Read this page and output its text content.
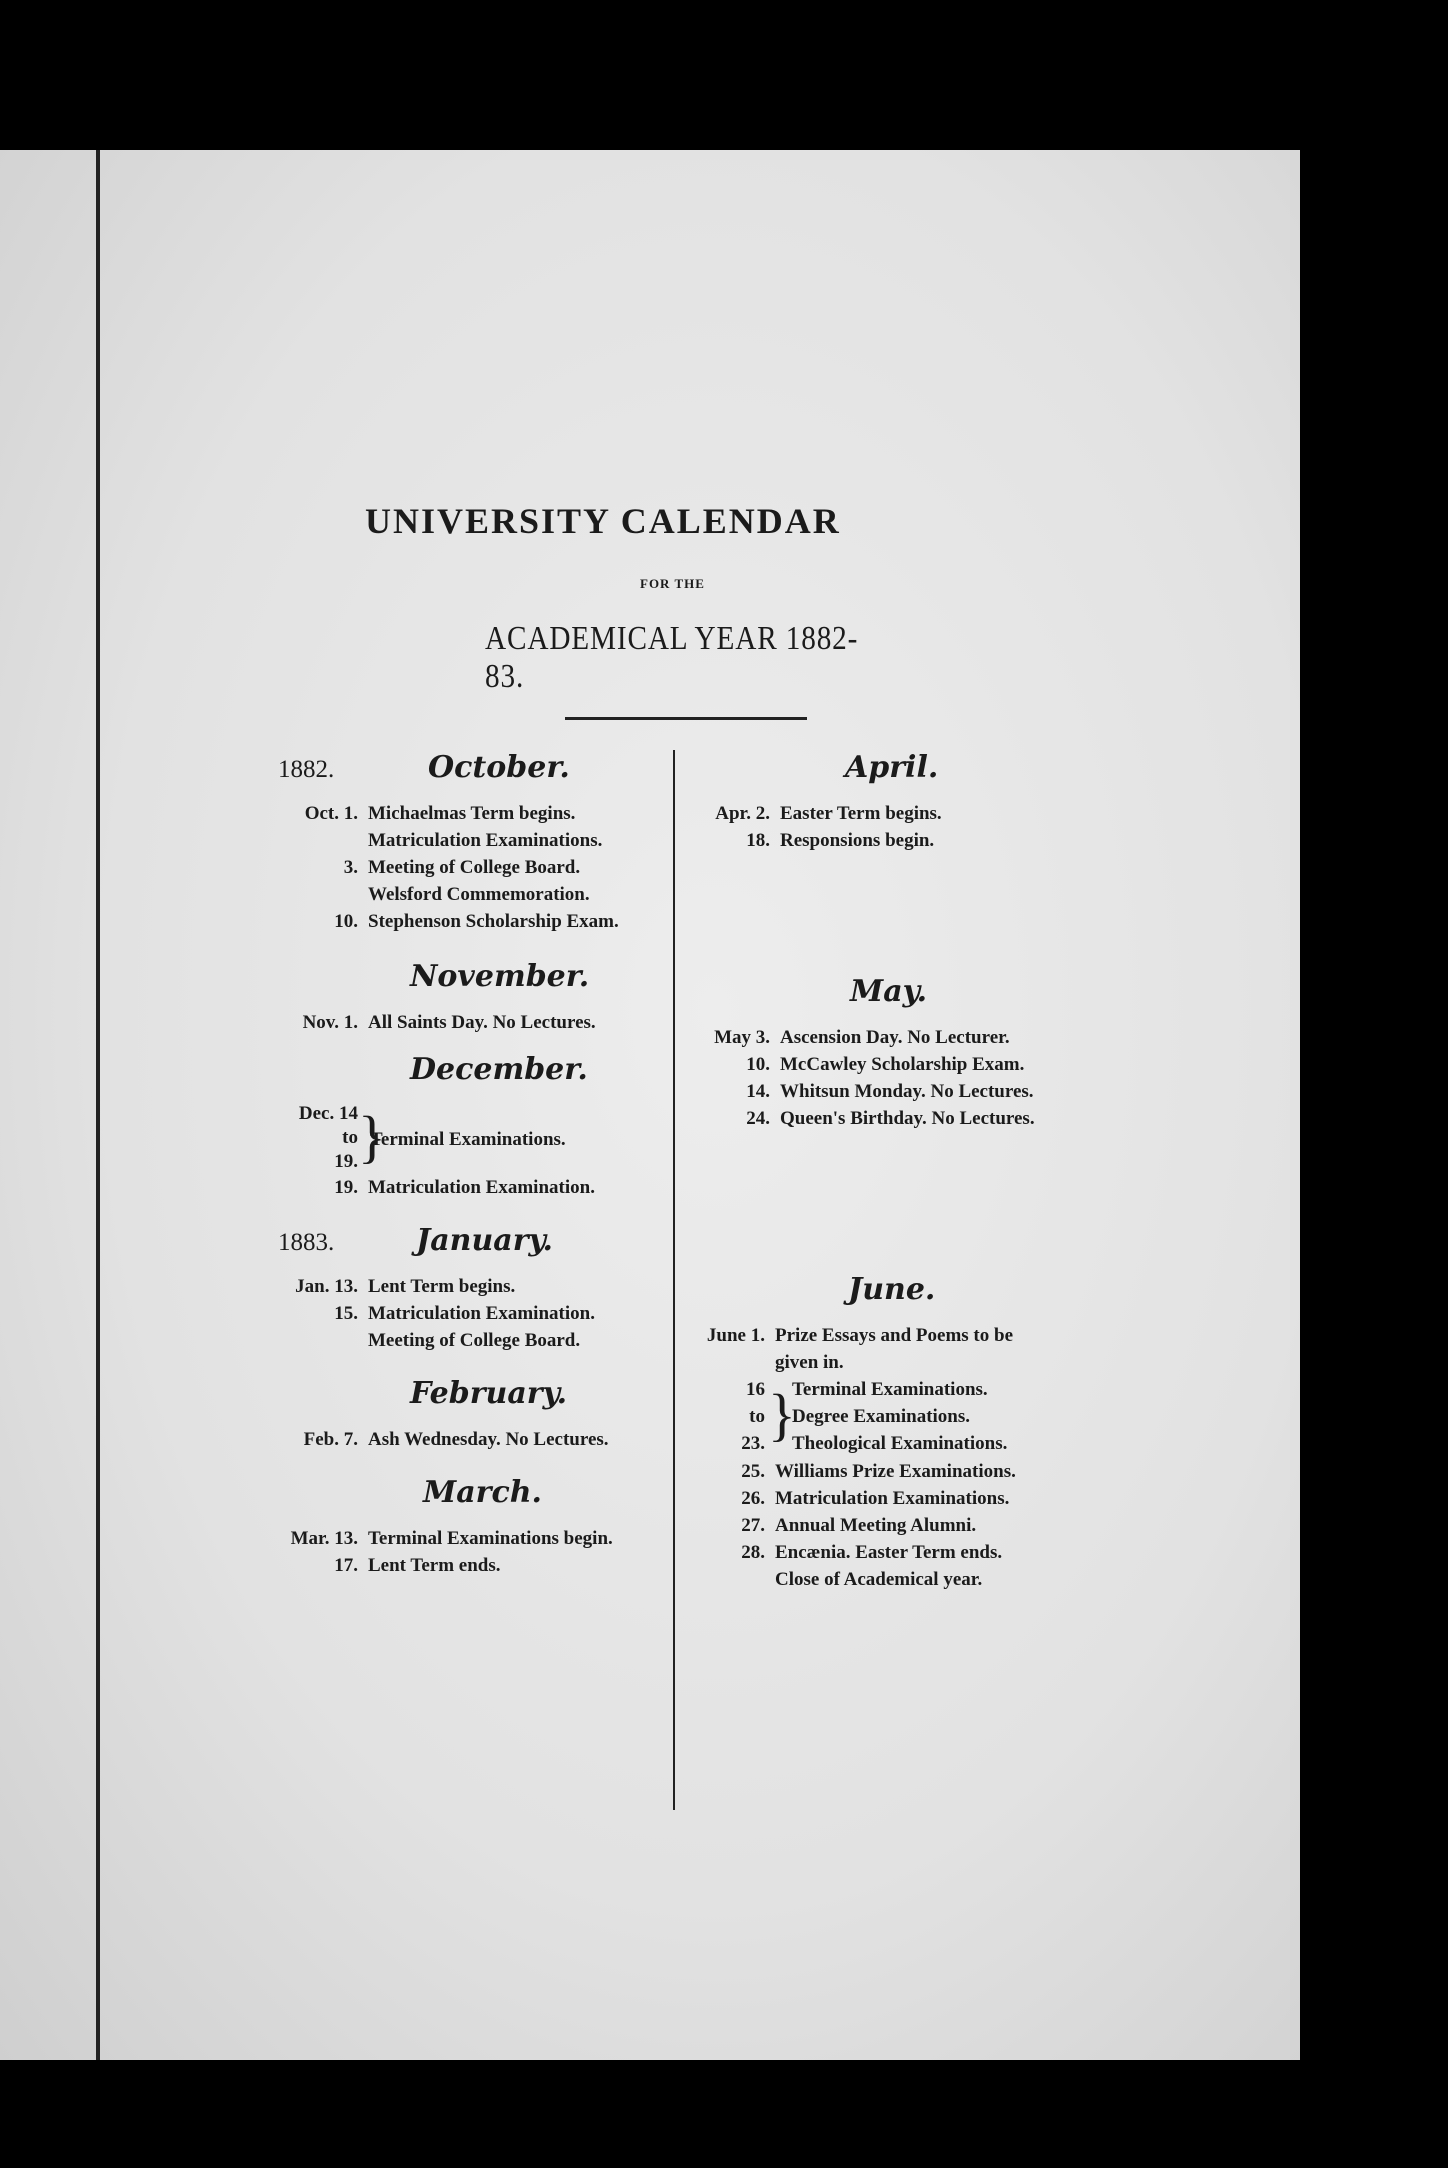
UNIVERSITY CALENDAR
FOR THE
ACADEMICAL YEAR 1882-83.
1882.	October.
Oct. 1. Michaelmas Term begins.
Matriculation Examinations.
3. Meeting of College Board.
Welsford Commemoration.
10. Stephenson Scholarship Exam.
November.
Nov. 1. All Saints Day. No Lectures.
December.
Dec. 14
to
19. }
Terminal Examinations.
19. Matriculation Examination.
1883.	January.
Jan. 13. Lent Term begins.
15. Matriculation Examination.
Meeting of College Board.
February.
Feb. 7. Ash Wednesday. No Lectures.
March.
Mar. 13. Terminal Examinations begin.
17. Lent Term ends.
April.
Apr. 2. Easter Term begins.
18. Responsions begin.
May.
May 3. Ascension Day. No Lecturer.
10. McCawley Scholarship Exam.
14. Whitsun Monday. No Lectures.
24. Queen's Birthday. No Lectures.
June.
June 1. Prize Essays and Poems to be
given in.
16
to
23. }
Terminal Examinations.
Degree Examinations.
Theological Examinations.
25. Williams Prize Examinations.
26. Matriculation Examinations.
27. Annual Meeting Alumni.
28. Encænia. Easter Term ends.
Close of Academical year.
